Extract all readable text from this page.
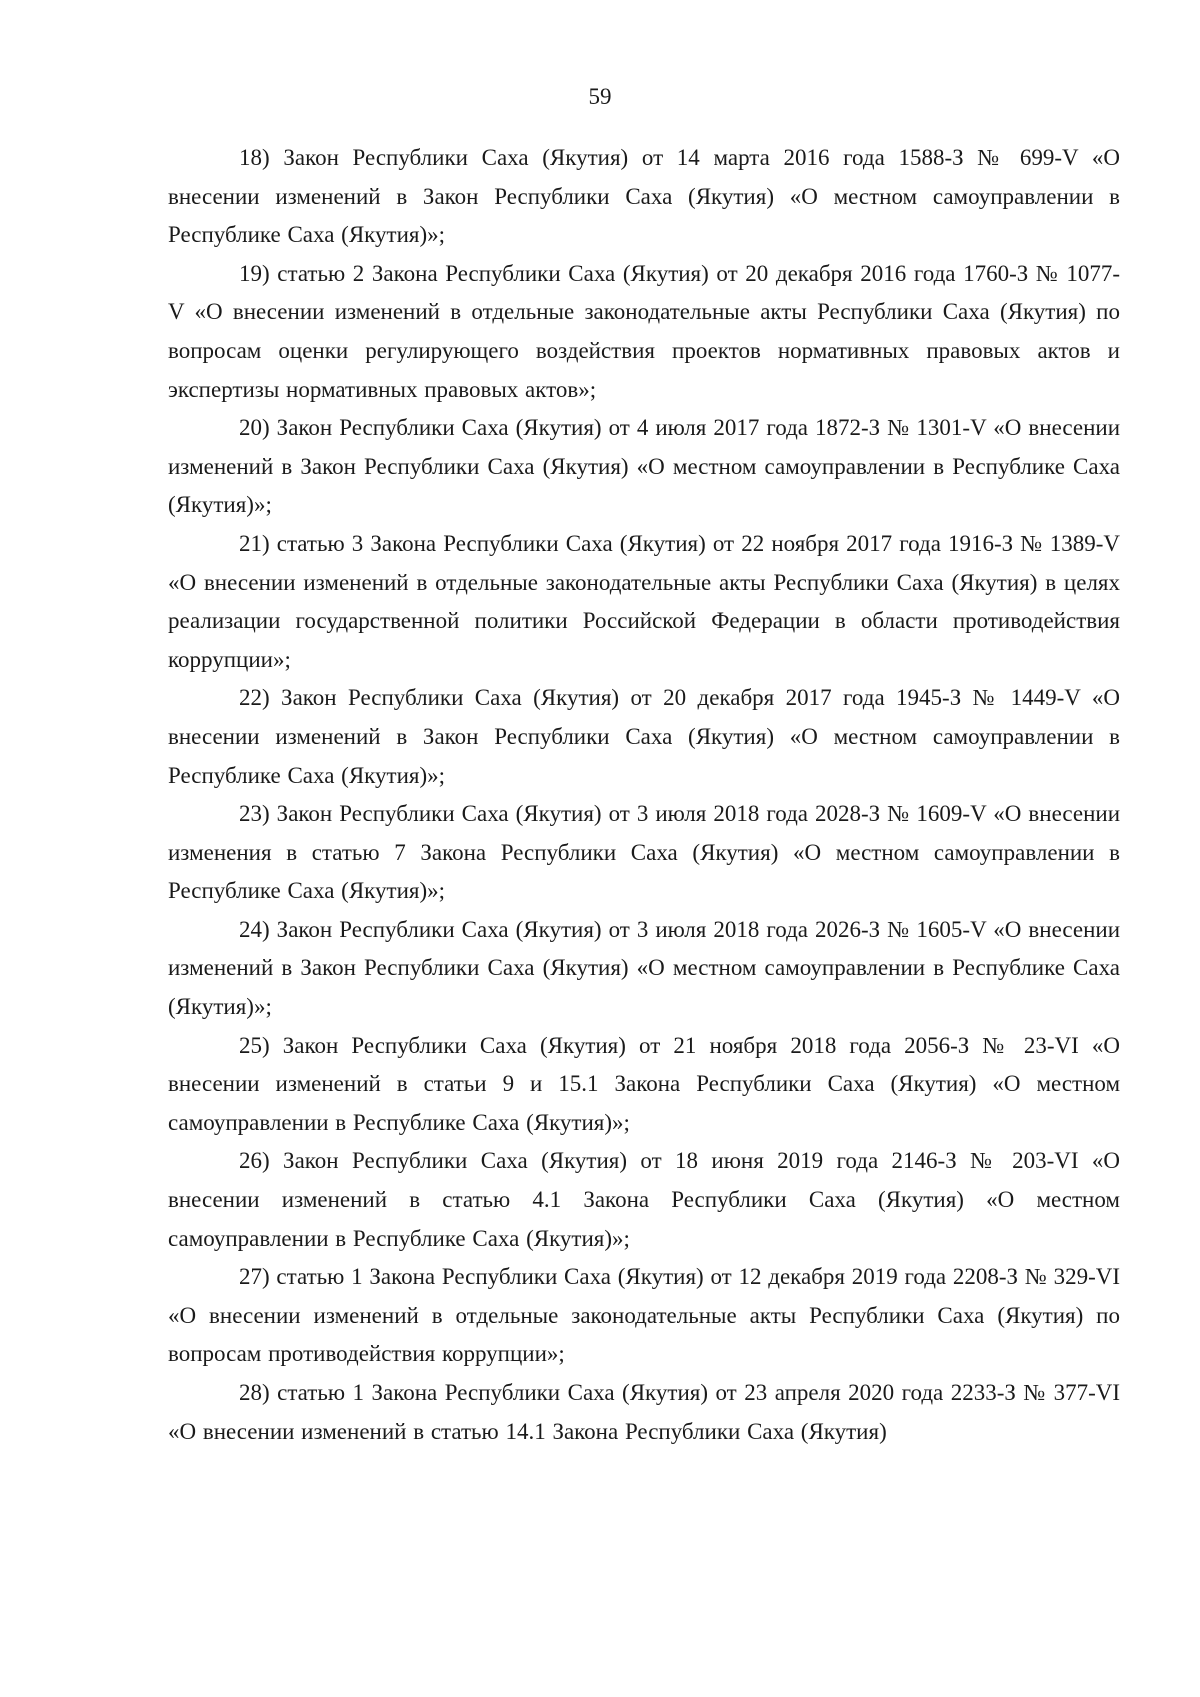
59

18) Закон Республики Саха (Якутия) от 14 марта 2016 года 1588-З № 699-V «О внесении изменений в Закон Республики Саха (Якутия) «О местном самоуправлении в Республике Саха (Якутия)»;

19) статью 2 Закона Республики Саха (Якутия) от 20 декабря 2016 года 1760-З № 1077-V «О внесении изменений в отдельные законодательные акты Республики Саха (Якутия) по вопросам оценки регулирующего воздействия проектов нормативных правовых актов и экспертизы нормативных правовых актов»;

20) Закон Республики Саха (Якутия) от 4 июля 2017 года 1872-З № 1301-V «О внесении изменений в Закон Республики Саха (Якутия) «О местном самоуправлении в Республике Саха (Якутия)»;

21) статью 3 Закона Республики Саха (Якутия) от 22 ноября 2017 года 1916-З № 1389-V «О внесении изменений в отдельные законодательные акты Республики Саха (Якутия) в целях реализации государственной политики Российской Федерации в области противодействия коррупции»;

22) Закон Республики Саха (Якутия) от 20 декабря 2017 года 1945-З № 1449-V «О внесении изменений в Закон Республики Саха (Якутия) «О местном самоуправлении в Республике Саха (Якутия)»;

23) Закон Республики Саха (Якутия) от 3 июля 2018 года 2028-З № 1609-V «О внесении изменения в статью 7 Закона Республики Саха (Якутия) «О местном самоуправлении в Республике Саха (Якутия)»;

24) Закон Республики Саха (Якутия) от 3 июля 2018 года 2026-З № 1605-V «О внесении изменений в Закон Республики Саха (Якутия) «О местном самоуправлении в Республике Саха (Якутия)»;

25) Закон Республики Саха (Якутия) от 21 ноября 2018 года 2056-З № 23-VI «О внесении изменений в статьи 9 и 15.1 Закона Республики Саха (Якутия) «О местном самоуправлении в Республике Саха (Якутия)»;

26) Закон Республики Саха (Якутия) от 18 июня 2019 года 2146-З № 203-VI «О внесении изменений в статью 4.1 Закона Республики Саха (Якутия) «О местном самоуправлении в Республике Саха (Якутия)»;

27) статью 1 Закона Республики Саха (Якутия) от 12 декабря 2019 года 2208-З № 329-VI «О внесении изменений в отдельные законодательные акты Республики Саха (Якутия) по вопросам противодействия коррупции»;

28) статью 1 Закона Республики Саха (Якутия) от 23 апреля 2020 года 2233-З № 377-VI «О внесении изменений в статью 14.1 Закона Республики Саха (Якутия)
